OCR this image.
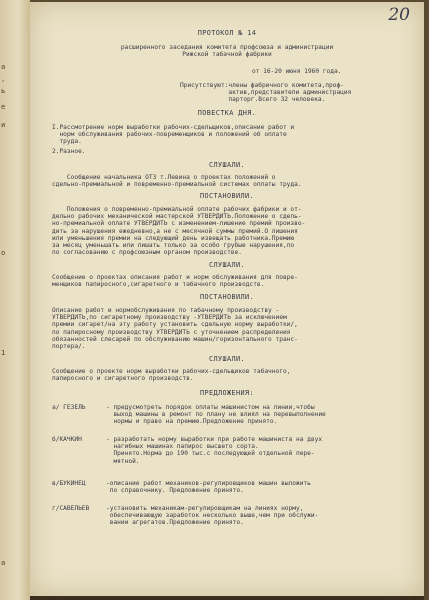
а
'
ь
е
и
о
1
а
20

ПРОТОКОЛ № 14

расширенного заседания комитета профсоюза и администрации
Рижской табачной фабрики

от 16-20 июня 1960 года.

Присутствуют:члены фабричного комитета,проф-
актив,представители администрация
партoрг.Всего 32 человека.

ПОВЕСТКА ДНЯ.

I.Рассмотрение норм выработки рабочих-сдельщиков,описание работ и
норм обслуживания рабочих-повременщиков и положений об оплате
труда.

2.Разное.

СЛУШАЛИ.

Сообщение начальника ОТЗ т.Левина о проектах положений о
сдельно-премиальной и повременно-премиальной системах оплаты труда.

ПОСТАНОВИЛИ.

Положения о повременно-премиальной оплате рабочих фабрики и от-
дельно рабочих механической мастерской УТВЕРДИТЬ.Положение о сдель-
но-премиальной оплате УТВЕРДИТЬ с изменением-лишение премий произво-
дить за нарушения ежедневно,а не с месячной суммы премий.О лишения
или уменьшения премии на следующий день извещать работника.Премию
за месяц уменьшать или лишать только за особо грубые нарушения,по
по согласованию с профсоюзным органом производстве.

СЛУШАЛИ.

Сообщение о проектах описания работ и норм обслуживания для повре-
менщиков папиросного,сигаретного и табачного производств.

ПОСТАНОВИЛИ.

Описание работ и нормобслуживания по табачному производству -
УТВЕРДИТЬ,по сигаретному производству -УТВЕРДИТЬ за исключением
премии сигарет/на эту работу установить сдельную норму выработки/,
по папиросному производству УТВЕРДИТЬ с уточнением распределения
обязанностей слесарей по обслуживанию машин/горизонтального транс-
портера/.

СЛУШАЛИ.

Сообщение о проекте норм выработки рабочих-сдельщиков табачного,
папиросного и сигаретного производств.

ПРЕДЛОЖЕНИЯ:

а/ ГЕЗЕЛЬ	- предусмотреть порядок оплаты машинистом на линии,чтобы
выход машины в ремонт по плану не влиял на перевыполнение
нормы и право на премию.Предложение принято.

б/КАЧКИН	- разработать норму выработки при работе машиниста на двух
нагибных машинах папирос высшего сорта.
Принято.Норма до 190 тыс.с последующей отдельной пере-
мятной.

в/БУКИНЕЦ	-описание работ механиков-регулировщиков машин выложить
по справочнику. Предложение принято.

г/САВЕЛЬЕВ	-установить механикам-регулировщикам на линиях норму,
обеспечивающую заработок несколько выше,чем при обслужи-
вании агрегатов.Предложение принято.
